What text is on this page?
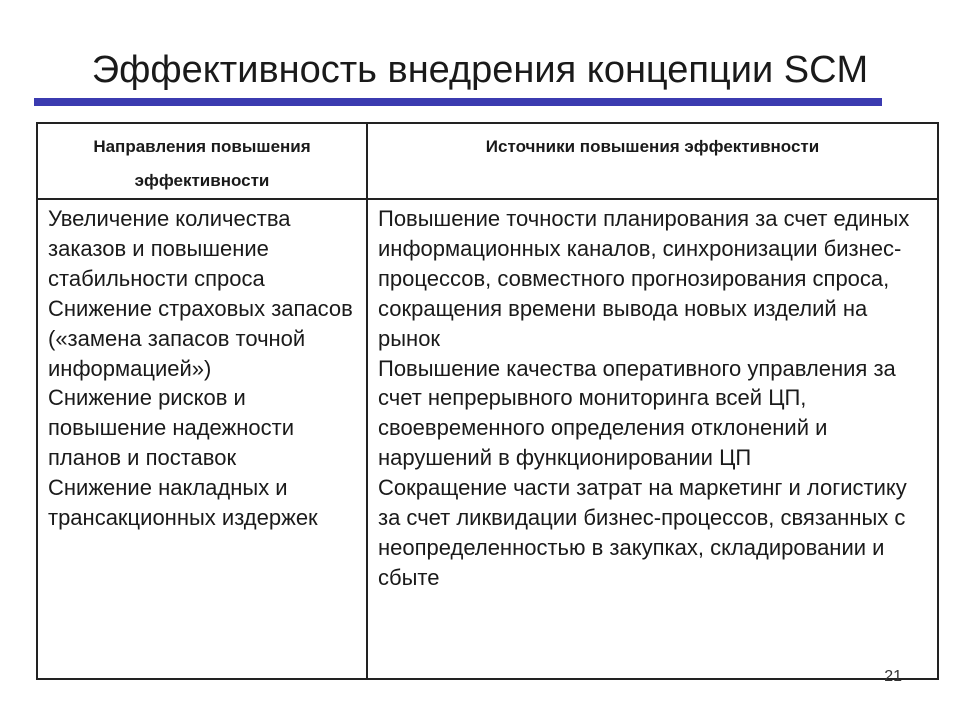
Эффективность внедрения концепции SCM
Направления повышения эффективности
Источники повышения эффективности
Увеличение количества заказов и повышение стабильности спроса
Снижение страховых запасов («замена запасов точной информацией»)
Снижение рисков и повышение надежности планов и поставок
Снижение накладных и трансакционных издержек
Повышение точности планирования за счет единых информационных каналов, синхронизации бизнес-процессов, совместного прогнозирования спроса, сокращения времени вывода новых изделий на рынок
Повышение качества оперативного управления за счет непрерывного мониторинга всей ЦП, своевременного определения отклонений и нарушений в функционировании ЦП
Сокращение части затрат на маркетинг и логистику за счет ликвидации бизнес-процессов, связанных с неопределенностью в закупках, складировании и сбыте
21
